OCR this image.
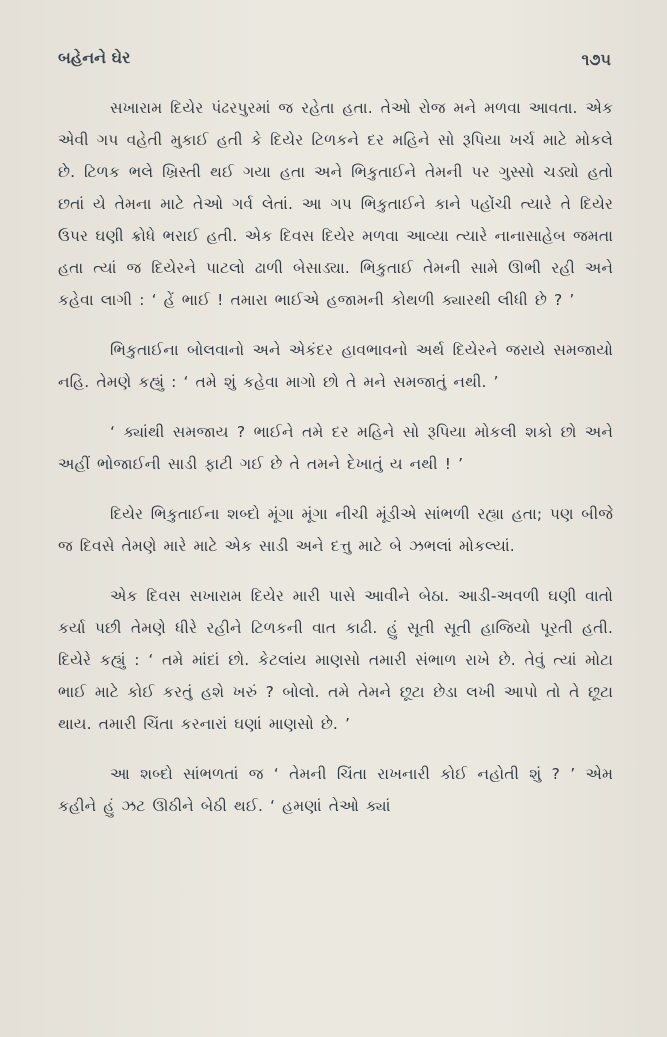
બહેનને ઘેર	૧૭૫

સખારામ દિયેર પંઢરપુરમાં જ રહેતા હતા. તેઓ રોજ મને મળવા આવતા. એક એવી ગપ વહેતી મુકાઈ હતી કે દિયેર ટિળકને દર મહિને સો રૂપિયા ખર્ચ માટે મોકલે છે. ટિળક ભલે ખ્રિસ્તી થઈ ગયા હતા અને ભિકુતાઈને તેમની પર ગુસ્સો ચડ્યો હતો છતાં યે તેમના માટે તેઓ ગર્વ લેતાં. આ ગપ ભિકુતાઈને કાને પહોંચી ત્યારે તે દિયેર ઉપર ઘણી ક્રોધે ભરાઈ હતી. એક દિવસ દિયેર મળવા આવ્યા ત્યારે નાનાસાહેબ જમતા હતા ત્યાં જ દિયેરને પાટલો ઢાળી બેસાડ્યા. ભિકુતાઈ તેમની સામે ઊભી રહી અને કહેવા લાગી : ‘ હેં ભાઈ ! તમારા ભાઈએ હજામની કોથળી ક્યારથી લીધી છે ? ’

ભિકુતાઈના બોલવાનો અને એકંદર હાવભાવનો અર્થ દિયેરને જરાયે સમજાયો નહિ. તેમણે કહ્યું : ‘ તમે શું કહેવા માગો છો તે મને સમજાતું નથી. ’

‘ ક્યાંથી સમજાય ? ભાઈને તમે દર મહિને સો રૂપિયા મોકલી શકો છો અને અહીં ભોજાઈની સાડી ફાટી ગઈ છે તે તમને દેખાતું ય નથી ! ’

દિયેર ભિકુતાઈના શબ્દો મૂંગા મૂંગા નીચી મૂંડીએ સાંભળી રહ્યા હતા; પણ બીજે જ દિવસે તેમણે મારે માટે એક સાડી અને દત્તુ માટે બે ઝભલાં મોકલ્યાં.

એક દિવસ સખારામ દિયેર મારી પાસે આવીને બેઠા. આડી-અવળી ઘણી વાતો કર્યા પછી તેમણે ધીરે રહીને ટિળકની વાત કાઢી. હું સૂતી સૂતી હાજિયો પૂરતી હતી. દિયેરે કહ્યું : ‘ તમે માંદાં છો. કેટલાંય માણસો તમારી સંભાળ રાખે છે. તેવું ત્યાં મોટા ભાઈ માટે કોઈ કરતું હશે ખરું ? બોલો. તમે તેમને છૂટા છેડા લખી આપો તો તે છૂટા થાય. તમારી ચિંતા કરનારાં ઘણાં માણસો છે. ’

આ શબ્દો સાંભળતાં જ ‘ તેમની ચિંતા રાખનારી કોઈ નહોતી શું ? ’ એમ કહીને હું ઝટ ઊઠીને બેઠી થઈ. ‘ હમણાં તેઓ ક્યાં
